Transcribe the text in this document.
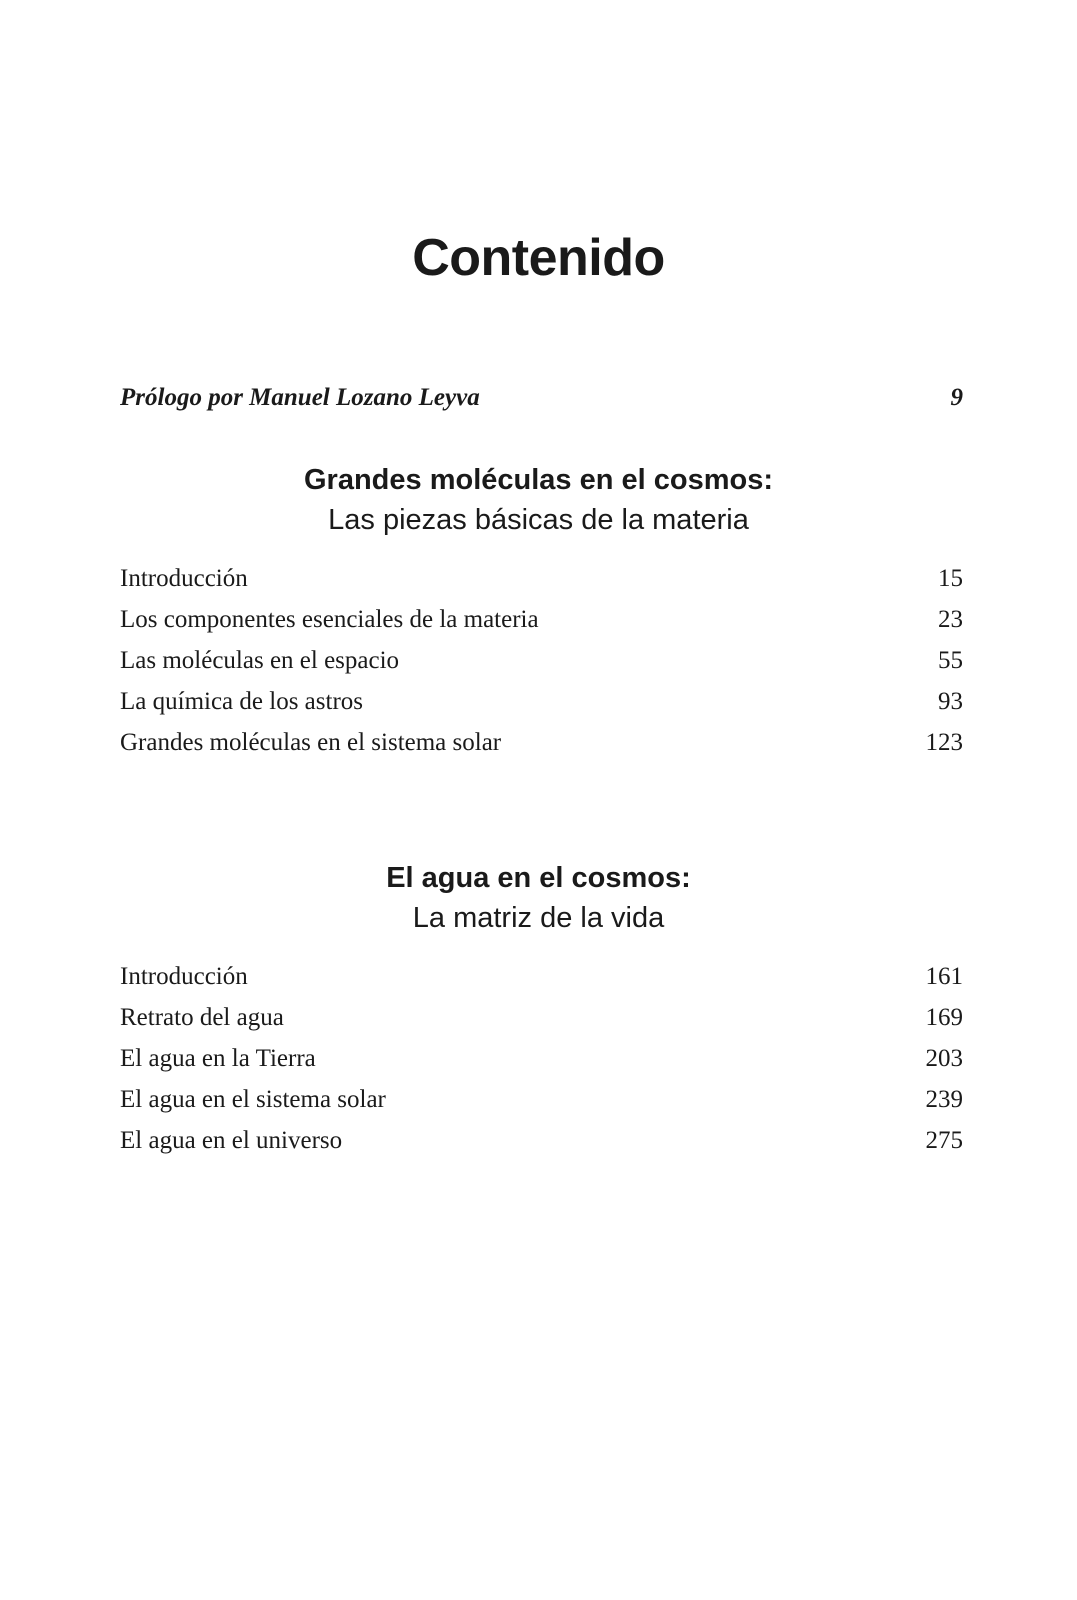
Contenido
Prólogo por Manuel Lozano Leyva	9
Grandes moléculas en el cosmos:
Las piezas básicas de la materia
Introducción	15
Los componentes esenciales de la materia	23
Las moléculas en el espacio	55
La química de los astros	93
Grandes moléculas en el sistema solar	123
El agua en el cosmos:
La matriz de la vida
Introducción	161
Retrato del agua	169
El agua en la Tierra	203
El agua en el sistema solar	239
El agua en el universo	275
